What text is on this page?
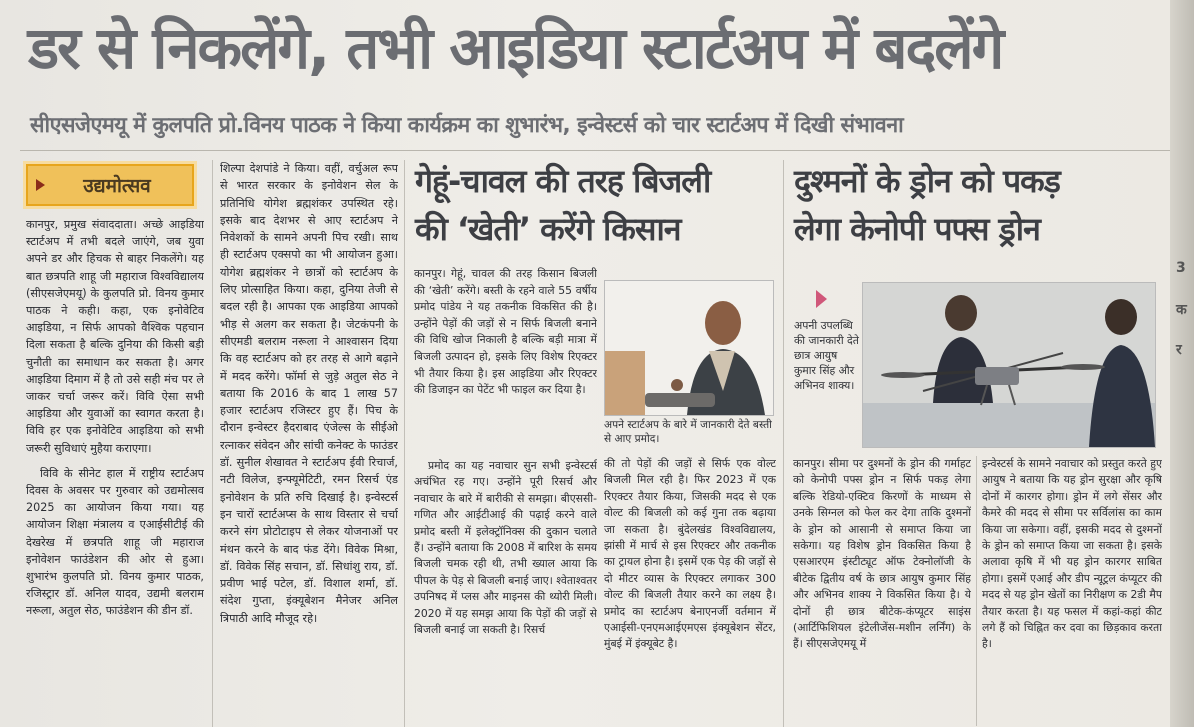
3
क
र
डर से निकलेंगे, तभी आइडिया स्टार्टअप में बदलेंगे
सीएसजेएमयू में कुलपति प्रो.विनय पाठक ने किया कार्यक्रम का शुभारंभ, इन्वेस्टर्स को चार स्टार्टअप में दिखी संभावना
उद्यमोत्सव

कानपुर, प्रमुख संवाददाता। अच्छे आइडिया स्टार्टअप में तभी बदले जाएंगे, जब युवा अपने डर और हिचक से बाहर निकलेंगे। यह बात छत्रपति शाहू जी महाराज विश्वविद्यालय (सीएसजेएमयू) के कुलपति प्रो. विनय कुमार पाठक ने कही। कहा, एक इनोवेटिव आइडिया, न सिर्फ आपको वैश्विक पहचान दिला सकता है बल्कि दुनिया की किसी बड़ी चुनौती का समाधान कर सकता है। अगर आइडिया दिमाग में है तो उसे सही मंच पर ले जाकर चर्चा जरूर करें। विवि ऐसा सभी आइडिया और युवाओं का स्वागत करता है। विवि हर एक इनोवेटिव आइडिया को सभी जरूरी सुविधाएं मुहैया कराएगा।

विवि के सीनेट हाल में राष्ट्रीय स्टार्टअप दिवस के अवसर पर गुरुवार को उद्यमोत्सव 2025 का आयोजन किया गया। यह आयोजन शिक्षा मंत्रालय व एआईसीटीई की देखरेख में छत्रपति शाहू जी महाराज इनोवेशन फाउंडेशन की ओर से हुआ। शुभारंभ कुलपति प्रो. विनय कुमार पाठक, रजिस्ट्रार डॉ. अनिल यादव, उद्यमी बलराम नरूला, अतुल सेठ, फाउंडेशन की डीन डॉ.

शिल्पा देशपांडे ने किया। वहीं, वर्चुअल रूप से भारत सरकार के इनोवेशन सेल के प्रतिनिधि योगेश ब्रह्मशंकर उपस्थित रहे। इसके बाद देशभर से आए स्टार्टअप ने निवेशकों के सामने अपनी पिच रखी। साथ ही स्टार्टअप एक्सपो का भी आयोजन हुआ। योगेश ब्रह्मशंकर ने छात्रों को स्टार्टअप के लिए प्रोत्साहित किया। कहा, दुनिया तेजी से बदल रही है। आपका एक आइडिया आपको भीड़ से अलग कर सकता है। जेटकंपनी के सीएमडी बलराम नरूला ने आश्वासन दिया कि वह स्टार्टअप को हर तरह से आगे बढ़ाने में मदद करेंगे। फॉर्मा से जुड़े अतुल सेठ ने बताया कि 2016 के बाद 1 लाख 57 हजार स्टार्टअप रजिस्टर हुए हैं। पिच के दौरान इन्वेस्टर हैदराबाद एंजेल्स के सीईओ रत्नाकर संवेदन और सांची कनेक्ट के फाउंडर डॉ. सुनील शेखावत ने स्टार्टअप ईवी रिचार्ज, नटी विलेज, इन्फ्यूमेटिटी, रमन रिसर्च एंड इनोवेशन के प्रति रुचि दिखाई है। इन्वेस्टर्स इन चारों स्टार्टअप्स के साथ विस्तार से चर्चा करने संग प्रोटोटाइप से लेकर योजनाओं पर मंथन करने के बाद फंड देंगे। विवेक मिश्रा, डॉ. विवेक सिंह सचान, डॉ. सिधांशु राय, डॉ. प्रवीण भाई पटेल, डॉ. विशाल शर्मा, डॉ. संदेश गुप्ता, इंक्यूबेशन मैनेजर अनिल त्रिपाठी आदि मौजूद रहे।

गेहूं-चावल की तरह बिजली
की ‘खेती’ करेंगे किसान

कानपुर। गेहूं, चावल की तरह किसान बिजली की ‘खेती’ करेंगे। बस्ती के रहने वाले 55 वर्षीय प्रमोद पांडेय ने यह तकनीक विकसित की है। उन्होंने पेड़ों की जड़ों से न सिर्फ बिजली बनाने की विधि खोज निकाली है बल्कि बड़ी मात्रा में बिजली उत्पादन हो, इसके लिए विशेष रिएक्टर भी तैयार किया है। इस आइडिया और रिएक्टर की डिजाइन का पेटेंट भी फाइल कर दिया है।

अपने स्टार्टअप के बारे में जानकारी देते बस्ती से आए प्रमोद।

प्रमोद का यह नवाचार सुन सभी इन्वेस्टर्स अचंभित रह गए। उन्होंने पूरी रिसर्च और नवाचार के बारे में बारीकी से समझा। बीएससी-गणित और आईटीआई की पढ़ाई करने वाले प्रमोद बस्ती में इलेक्ट्रॉनिक्स की दुकान चलाते हैं। उन्होंने बताया कि 2008 में बारिश के समय बिजली चमक रही थी, तभी ख्याल आया कि पीपल के पेड़ से बिजली बनाई जाए। श्वेताश्वतर उपनिषद में प्लस और माइनस की थ्योरी मिली। 2020 में यह समझ आया कि पेड़ों की जड़ों से बिजली बनाई जा सकती है। रिसर्च

की तो पेड़ों की जड़ों से सिर्फ एक वोल्ट बिजली मिल रही है। फिर 2023 में एक रिएक्टर तैयार किया, जिसकी मदद से एक वोल्ट की बिजली को कई गुना तक बढ़ाया जा सकता है। बुंदेलखंड विश्वविद्यालय, झांसी में मार्च से इस रिएक्टर और तकनीक का ट्रायल होना है। इसमें एक पेड़ की जड़ों से दो मीटर व्यास के रिएक्टर लगाकर 300 वोल्ट की बिजली तैयार करने का लक्ष्य है। प्रमोद का स्टार्टअप बेनाएनर्जी वर्तमान में एआईसी-एनएमआईएमएस इंक्यूबेशन सेंटर, मुंबई में इंक्यूबेट है।

दुश्मनों के ड्रोन को पकड़
लेगा केनोपी पफ्स ड्रोन
अपनी उपलब्धि की जानकारी देते छात्र आयुष कुमार सिंह और अभिनव शाक्य।

कानपुर। सीमा पर दुश्मनों के ड्रोन की गर्माहट को केनोपी पफ्स ड्रोन न सिर्फ पकड़ लेगा बल्कि रेडियो-एक्टिव किरणों के माध्यम से उनके सिग्नल को फेल कर देगा ताकि दुश्मनों के ड्रोन को आसानी से समाप्त किया जा सकेगा। यह विशेष ड्रोन विकसित किया है एसआरएम इंस्टीट्यूट ऑफ टेक्नोलॉजी के बीटेक द्वितीय वर्ष के छात्र आयुष कुमार सिंह और अभिनव शाक्य ने विकसित किया है। ये दोनों ही छात्र बीटेक-कंप्यूटर साइंस (आर्टिफिशियल इंटेलीजेंस-मशीन लर्निंग) के हैं। सीएसजेएमयू में

इन्वेस्टर्स के सामने नवाचार को प्रस्तुत करते हुए आयुष ने बताया कि यह ड्रोन सुरक्षा और कृषि दोनों में कारगर होगा। ड्रोन में लगे सेंसर और कैमरे की मदद से सीमा पर सर्विलांस का काम किया जा सकेगा। वहीं, इसकी मदद से दुश्मनों के ड्रोन को समाप्त किया जा सकता है। इसके अलावा कृषि में भी यह ड्रोन कारगर साबित होगा। इसमें एआई और डीप न्यूट्रल कंप्यूटर की मदद से यह ड्रोन खेतों का निरीक्षण क 2डी मैप तैयार करता है। यह फसल में कहां-कहां कीट लगे हैं को चिह्नित कर दवा का छिड़काव करता है।
